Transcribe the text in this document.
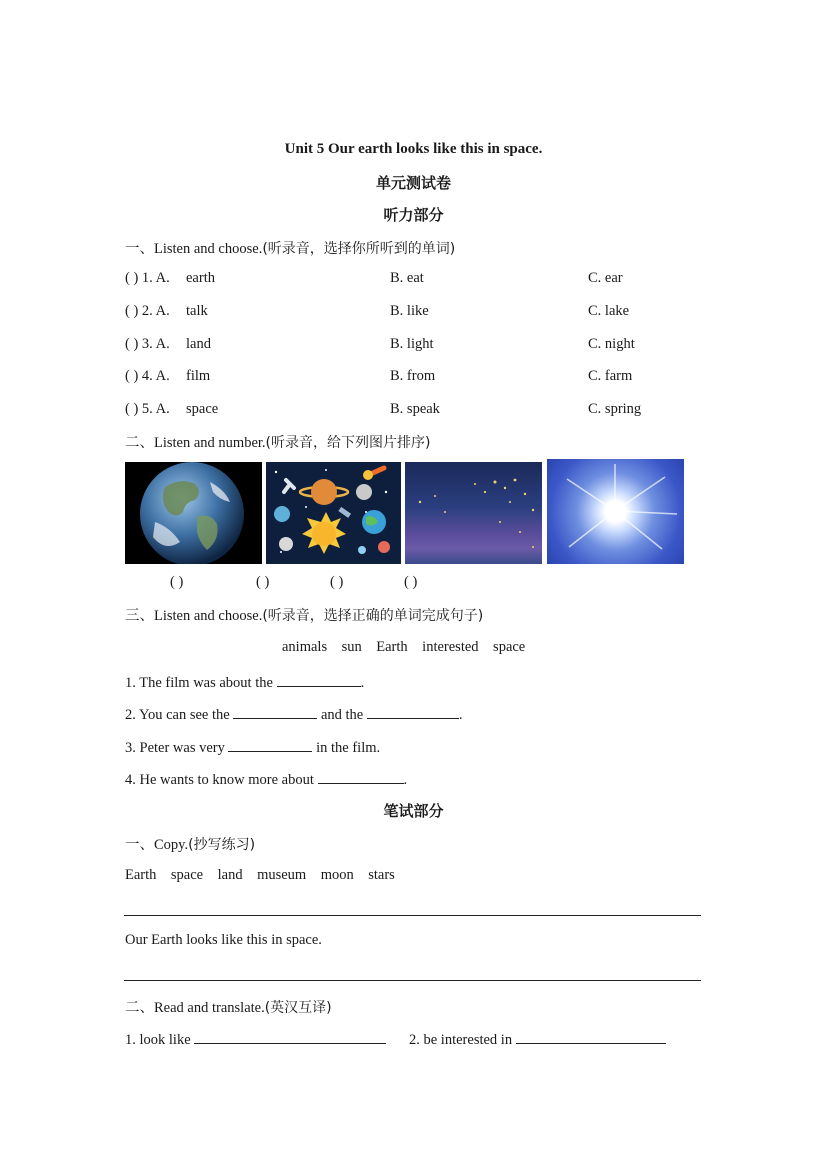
Unit 5 Our earth looks like this in space.
单元测试卷
听力部分
一、Listen and choose.(听录音，选择你所听到的单词)
( ) 1. A. earth	B. eat	C. ear
( ) 2. A. talk	B. like	C. lake
( ) 3. A. land	B. light	C. night
( ) 4. A. film	B. from	C. farm
( ) 5. A. space	B. speak	C. spring
二、Listen and number.(听录音，给下列图片排序)
( )	( )	( )	( )
三、Listen and choose.(听录音，选择正确的单词完成句子)
animals sun Earth interested space
1. The film was about the	.
2. You can see the	and the	.
3. Peter was very	in the film.
4. He wants to know more about	.
笔试部分
一、Copy.(抄写练习)
Earth space land museum moon stars
Our Earth looks like this in space.
二、Read and translate.(英汉互译)
1. look like	2. be interested in
